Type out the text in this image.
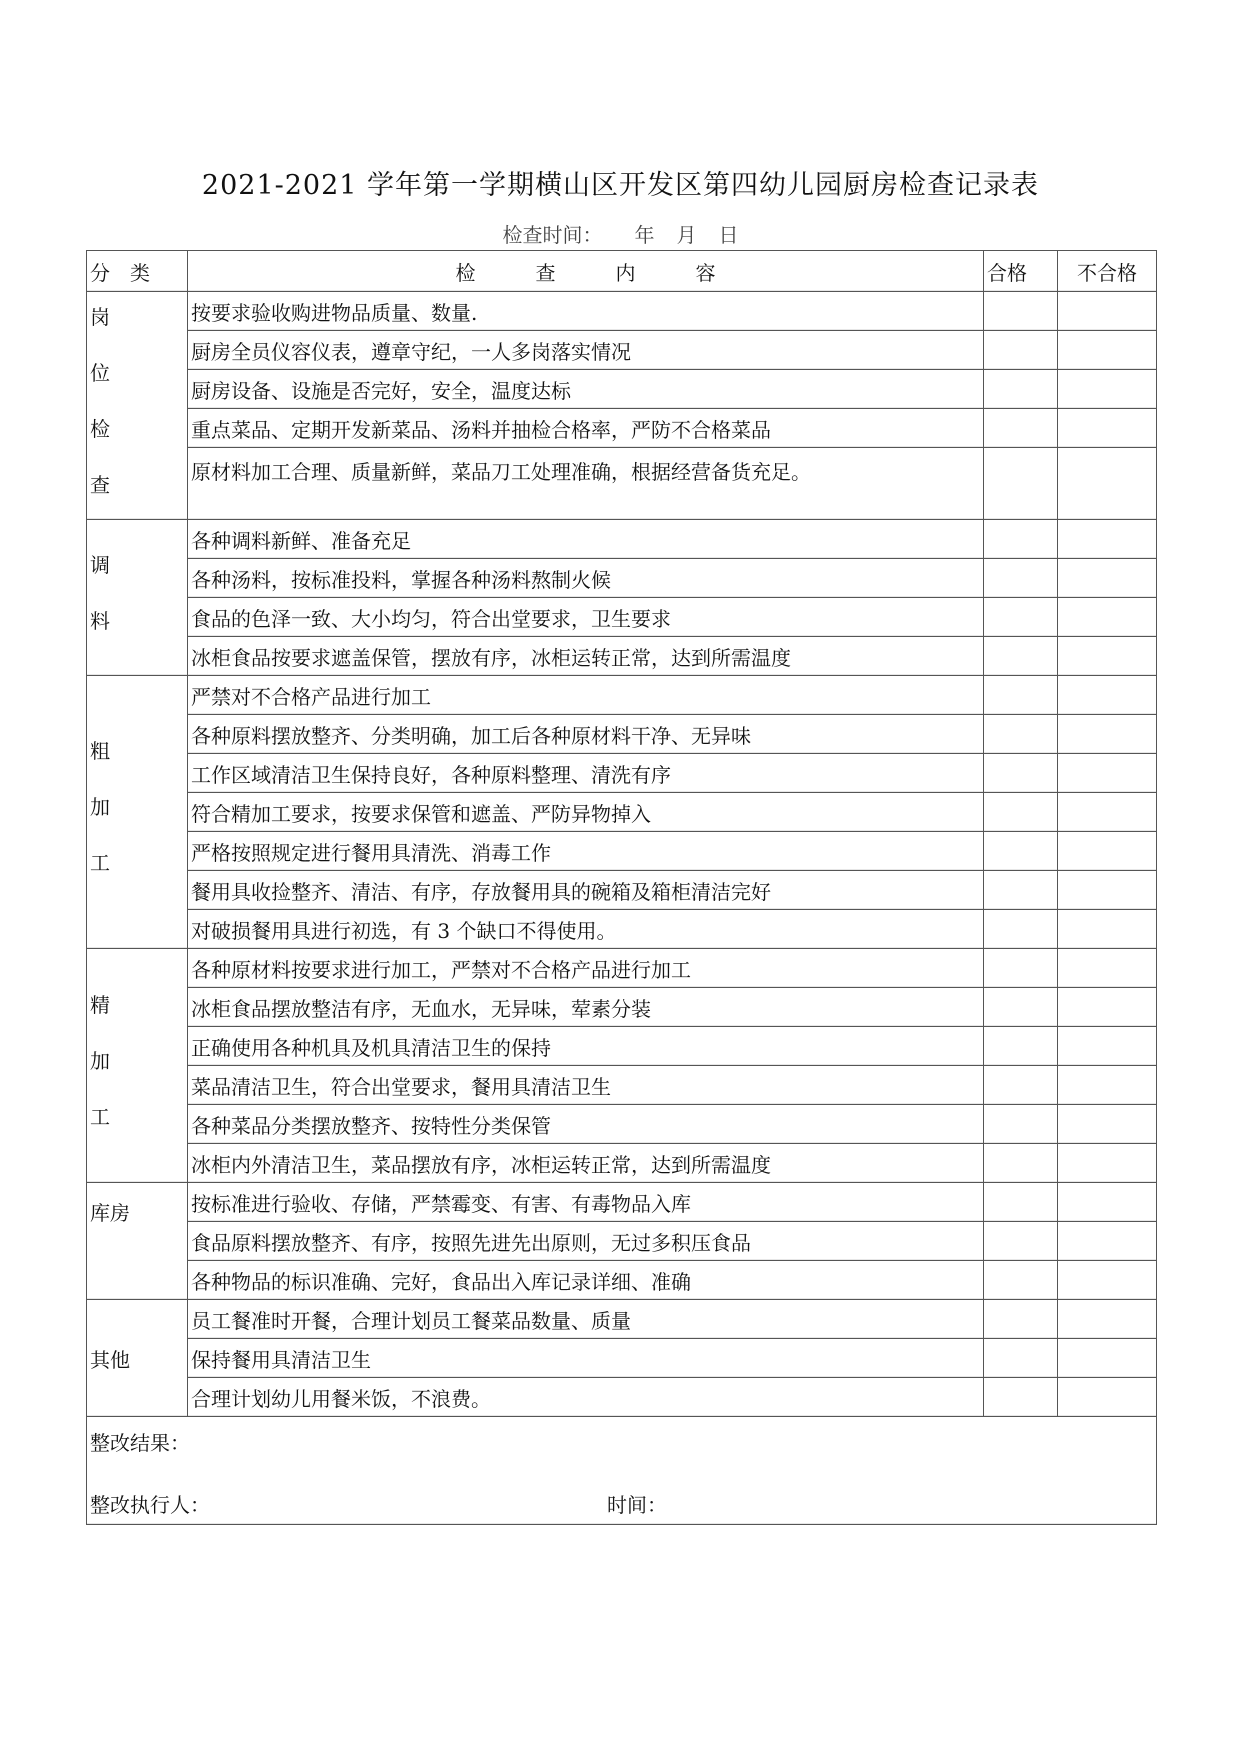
2021-2021 学年第一学期横山区开发区第四幼儿园厨房检查记录表
检查时间： 年 月 日
分　类	检　　　查　　　内　　　容	合格	不合格

岗
位
检
查	按要求验收购进物品质量、数量.		
	厨房全员仪容仪表，遵章守纪，一人多岗落实情况		
	厨房设备、设施是否完好，安全，温度达标		
	重点菜品、定期开发新菜品、汤料并抽检合格率，严防不合格菜品		
	原材料加工合理、质量新鲜，菜品刀工处理准确，根据经营备货充足。		

调
料	各种调料新鲜、准备充足		
	各种汤料，按标准投料，掌握各种汤料熬制火候		
	食品的色泽一致、大小均匀，符合出堂要求，卫生要求		
	冰柜食品按要求遮盖保管，摆放有序，冰柜运转正常，达到所需温度		

粗
加
工	严禁对不合格产品进行加工		
	各种原料摆放整齐、分类明确，加工后各种原材料干净、无异味		
	工作区域清洁卫生保持良好，各种原料整理、清洗有序		
	符合精加工要求，按要求保管和遮盖、严防异物掉入		
	严格按照规定进行餐用具清洗、消毒工作		
	餐用具收捡整齐、清洁、有序，存放餐用具的碗箱及箱柜清洁完好		
	对破损餐用具进行初选，有 3 个缺口不得使用。		

精
加
工	各种原材料按要求进行加工，严禁对不合格产品进行加工		
	冰柜食品摆放整洁有序，无血水，无异味，荤素分装		
	正确使用各种机具及机具清洁卫生的保持		
	菜品清洁卫生，符合出堂要求，餐用具清洁卫生		
	各种菜品分类摆放整齐、按特性分类保管		
	冰柜内外清洁卫生，菜品摆放有序，冰柜运转正常，达到所需温度		
库房	按标准进行验收、存储，严禁霉变、有害、有毒物品入库		
	食品原料摆放整齐、有序，按照先进先出原则，无过多积压食品		
	各种物品的标识准确、完好，食品出入库记录详细、准确		
其他	员工餐准时开餐，合理计划员工餐菜品数量、质量		
	保持餐用具清洁卫生		
	合理计划幼儿用餐米饭，不浪费。		

整改结果：
整改执行人： 时间：			
